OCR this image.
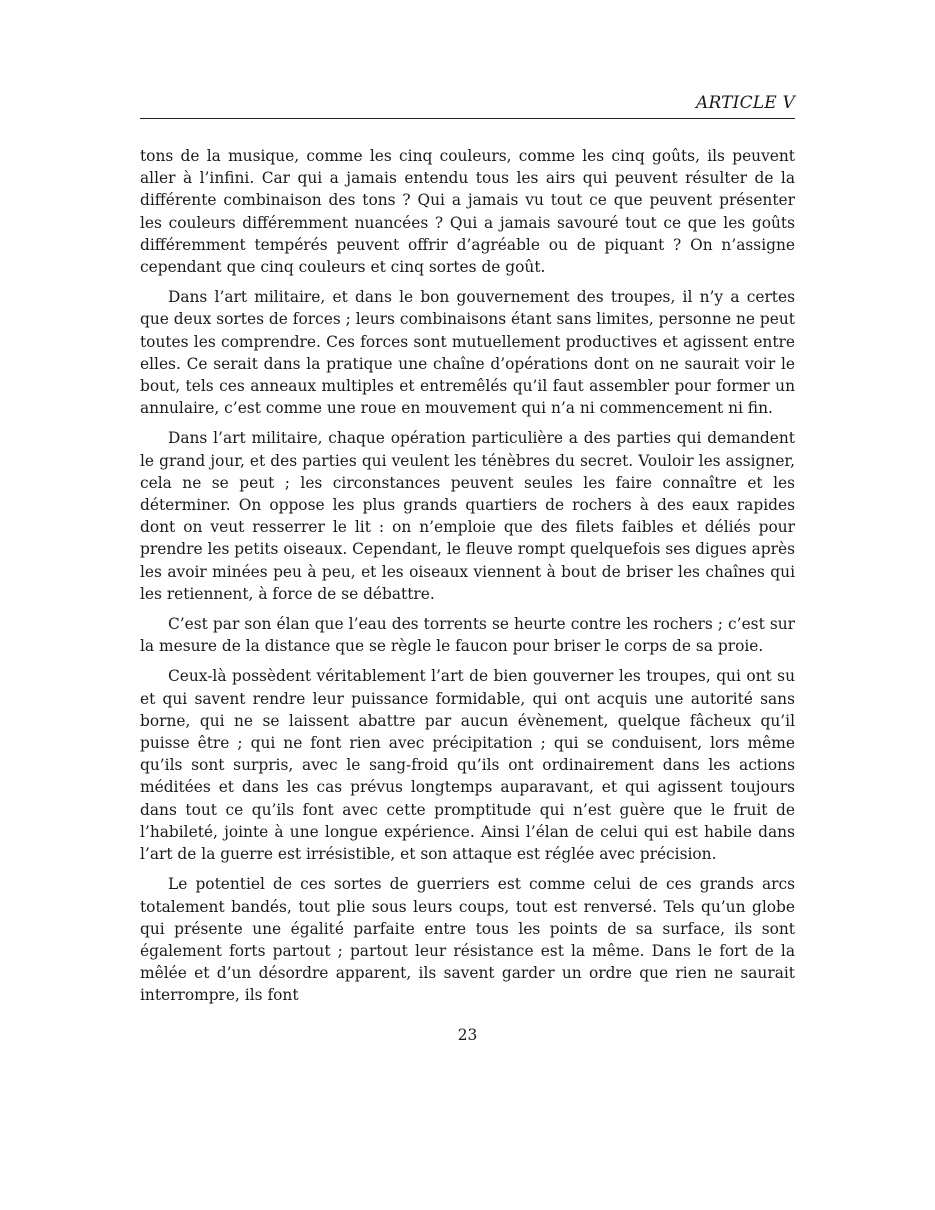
ARTICLE V

tons de la musique, comme les cinq couleurs, comme les cinq goûts, ils peuvent aller à l’infini. Car qui a jamais entendu tous les airs qui peuvent résulter de la différente combinaison des tons ? Qui a jamais vu tout ce que peuvent présenter les couleurs différemment nuancées ? Qui a jamais savouré tout ce que les goûts différemment tempérés peuvent offrir d’agréable ou de piquant ? On n’assigne cependant que cinq couleurs et cinq sortes de goût.

Dans l’art militaire, et dans le bon gouvernement des troupes, il n’y a certes que deux sortes de forces ; leurs combinaisons étant sans limites, personne ne peut toutes les comprendre. Ces forces sont mutuellement productives et agissent entre elles. Ce serait dans la pratique une chaîne d’opérations dont on ne saurait voir le bout, tels ces anneaux multiples et entremêlés qu’il faut assembler pour former un annulaire, c’est comme une roue en mouvement qui n’a ni commencement ni fin.

Dans l’art militaire, chaque opération particulière a des parties qui demandent le grand jour, et des parties qui veulent les ténèbres du secret. Vouloir les assigner, cela ne se peut ; les circonstances peuvent seules les faire connaître et les déterminer. On oppose les plus grands quartiers de rochers à des eaux rapides dont on veut resserrer le lit : on n’emploie que des filets faibles et déliés pour prendre les petits oiseaux. Cependant, le fleuve rompt quelquefois ses digues après les avoir minées peu à peu, et les oiseaux viennent à bout de briser les chaînes qui les retiennent, à force de se débattre.

C’est par son élan que l’eau des torrents se heurte contre les rochers ; c’est sur la mesure de la distance que se règle le faucon pour briser le corps de sa proie.

Ceux-là possèdent véritablement l’art de bien gouverner les troupes, qui ont su et qui savent rendre leur puissance formidable, qui ont acquis une autorité sans borne, qui ne se laissent abattre par aucun évènement, quelque fâcheux qu’il puisse être ; qui ne font rien avec précipitation ; qui se conduisent, lors même qu’ils sont surpris, avec le sang-froid qu’ils ont ordinairement dans les actions méditées et dans les cas prévus longtemps auparavant, et qui agissent toujours dans tout ce qu’ils font avec cette promptitude qui n’est guère que le fruit de l’habileté, jointe à une longue expérience. Ainsi l’élan de celui qui est habile dans l’art de la guerre est irrésistible, et son attaque est réglée avec précision.

Le potentiel de ces sortes de guerriers est comme celui de ces grands arcs totalement bandés, tout plie sous leurs coups, tout est renversé. Tels qu’un globe qui présente une égalité parfaite entre tous les points de sa surface, ils sont également forts partout ; partout leur résistance est la même. Dans le fort de la mêlée et d’un désordre apparent, ils savent garder un ordre que rien ne saurait interrompre, ils font

23
